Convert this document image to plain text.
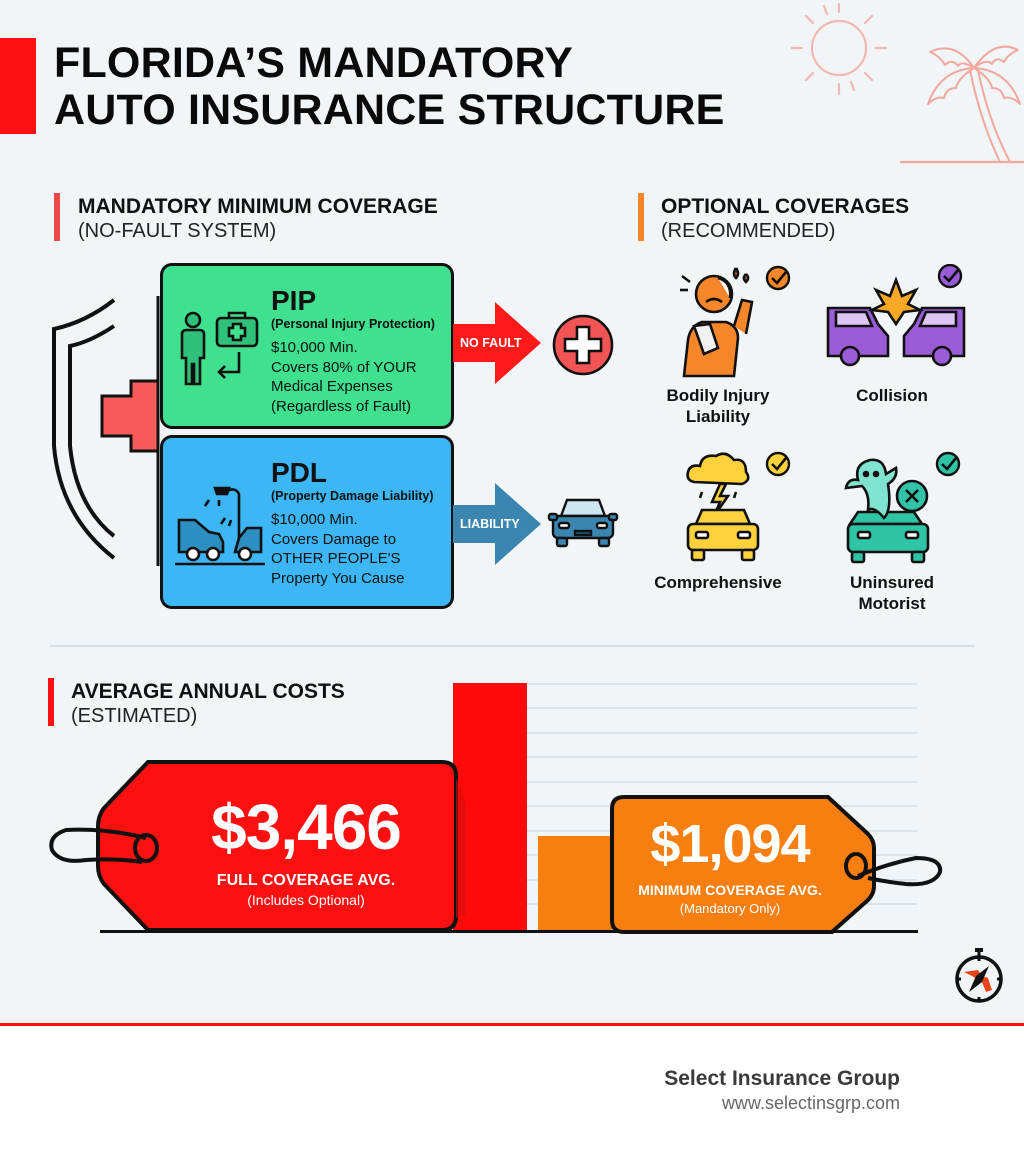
FLORIDA’S MANDATORY
AUTO INSURANCE STRUCTURE
MANDATORY MINIMUM COVERAGE
(NO-FAULT SYSTEM)
PIP
(Personal Injury Protection)
$10,000 Min.
Covers 80% of YOUR
Medical Expenses
(Regardless of Fault)
NO FAULT
PDL
(Property Damage Liability)
$10,000 Min.
Covers Damage to
OTHER PEOPLE'S
Property You Cause
LIABILITY
OPTIONAL COVERAGES
(RECOMMENDED)
Bodily Injury
Liability
Collision
Comprehensive	Uninsured
Motorist
AVERAGE ANNUAL COSTS
(ESTIMATED)
$3,466
FULL COVERAGE AVG.
(Includes Optional)
$1,094
MINIMUM COVERAGE AVG.
(Mandatory Only)
Select Insurance Group
www.selectinsgrp.com
